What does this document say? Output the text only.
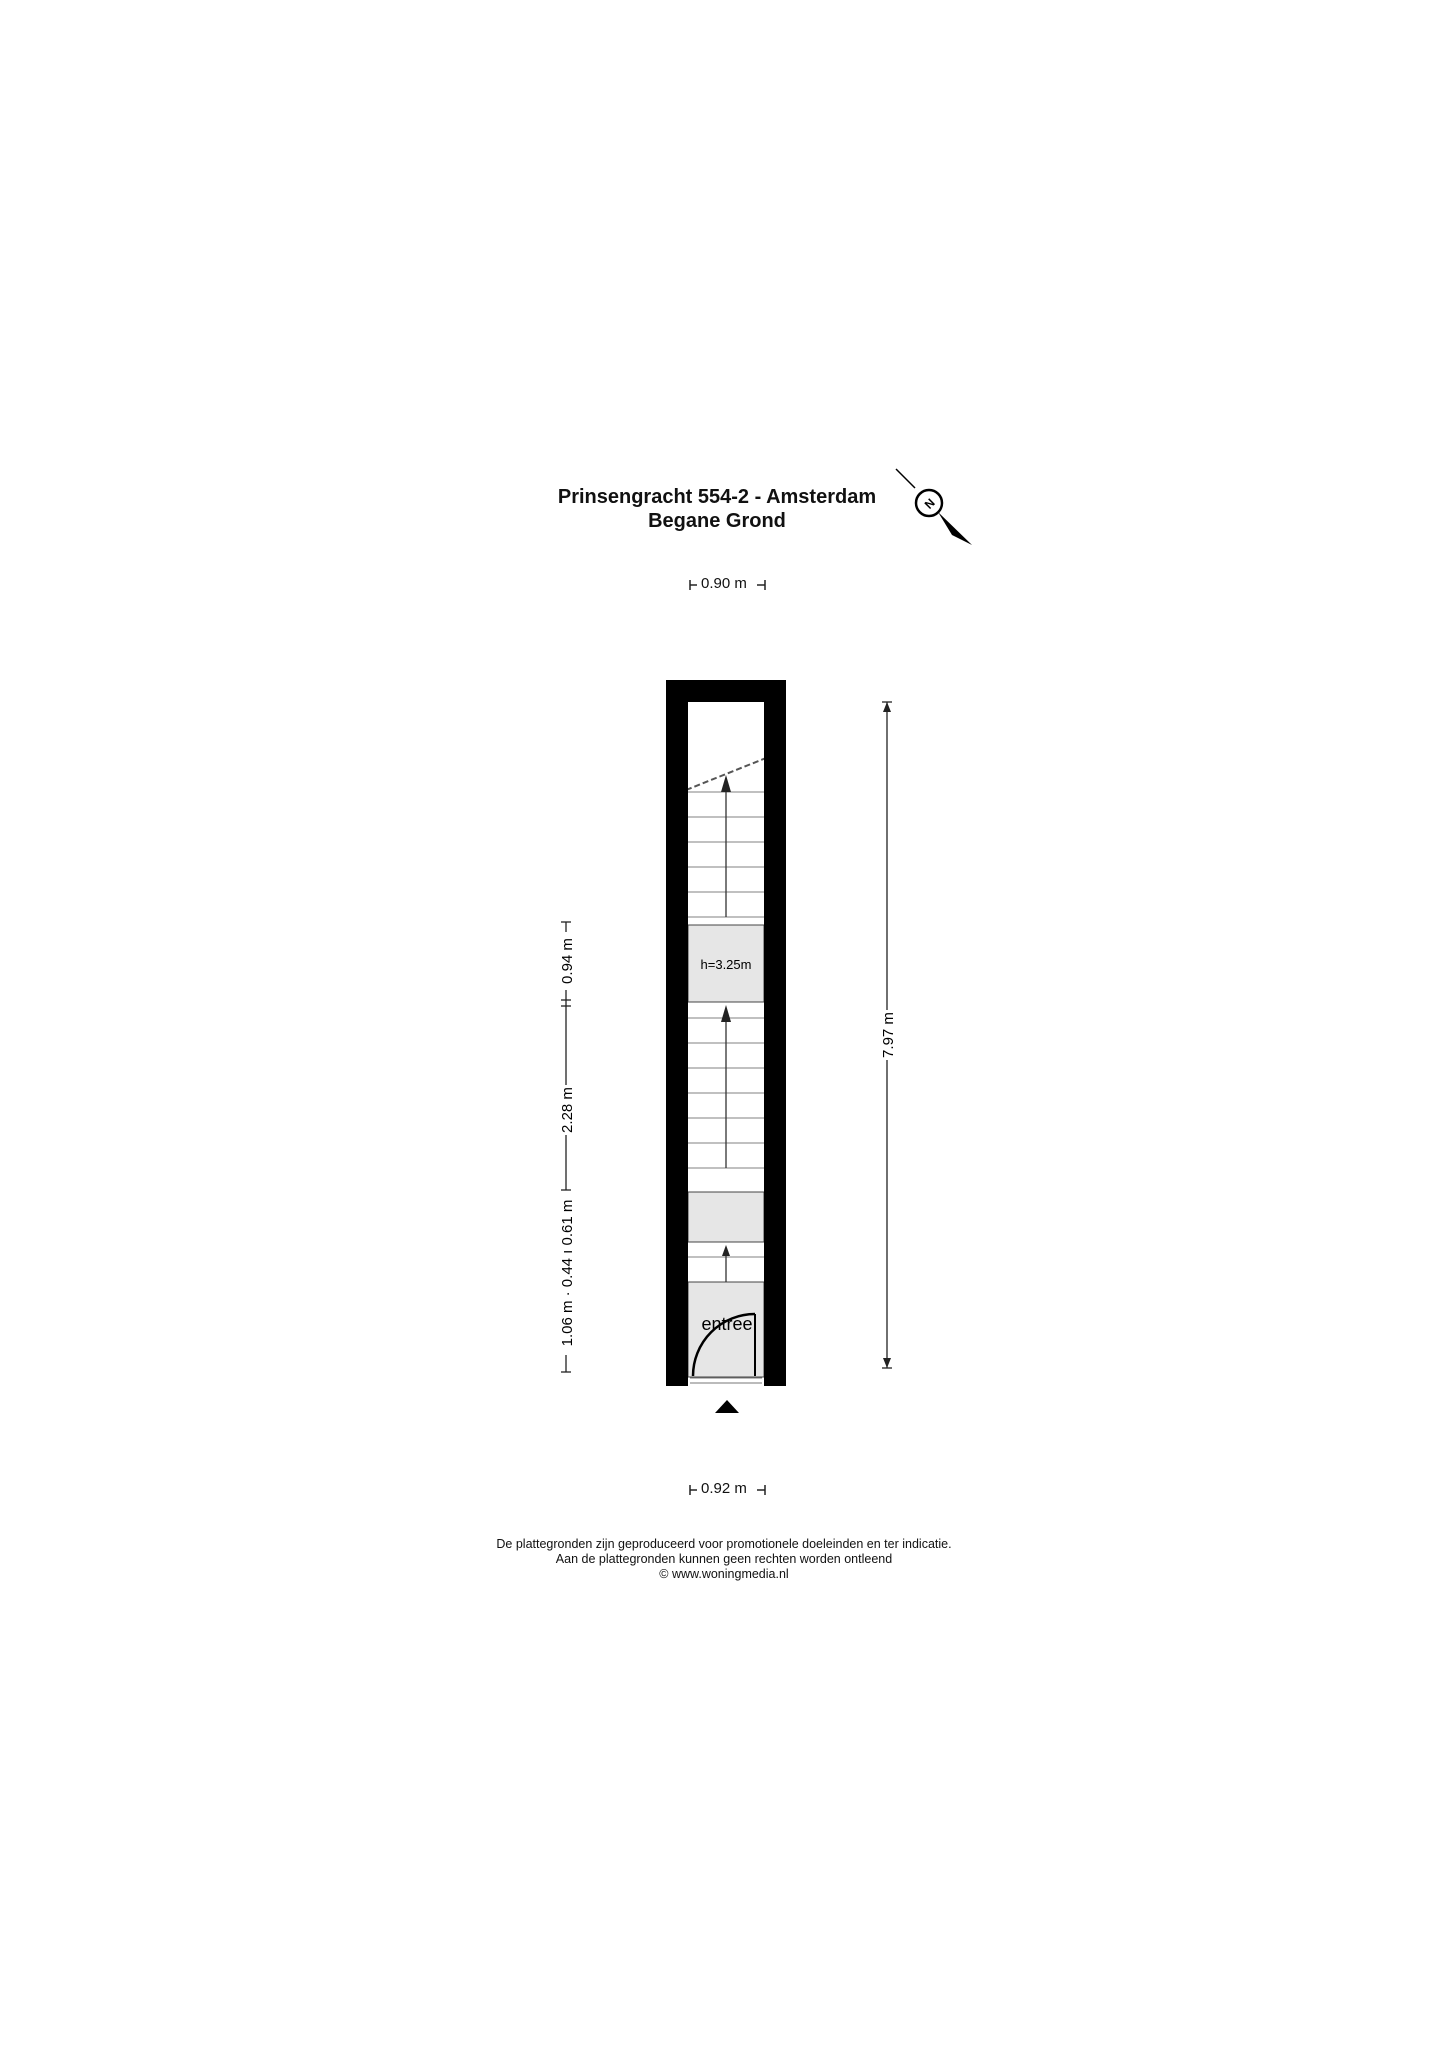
Prinsengracht 554-2 - Amsterdam
Begane Grond
N
7.97 m
0.94 m
2.28 m
1.06 m · 0.44 ı 0.61 m
h=3.25m
entree
0.90 m
0.92 m
De plattegronden zijn geproduceerd voor promotionele doeleinden en ter indicatie.
Aan de plattegronden kunnen geen rechten worden ontleend
© www.woningmedia.nl
